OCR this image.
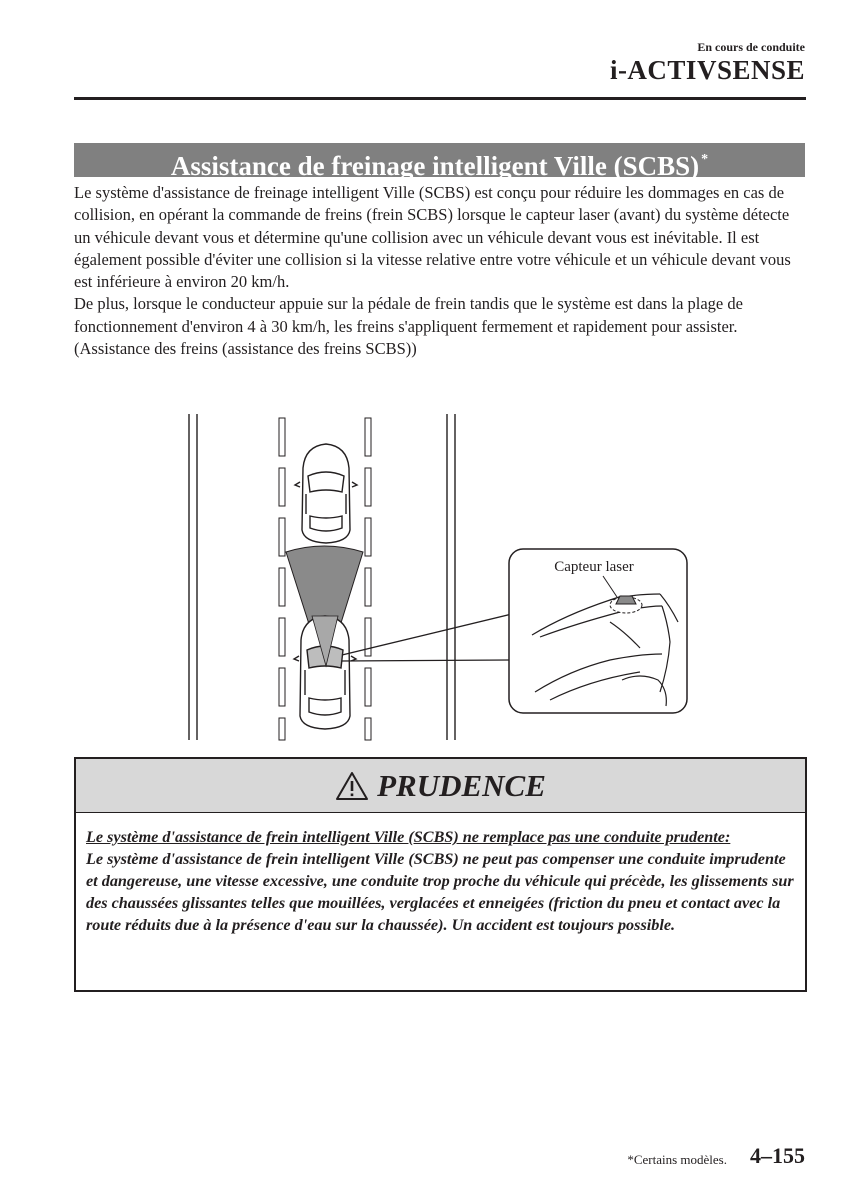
En cours de conduite
i-ACTIVSENSE
Assistance de freinage intelligent Ville (SCBS) *

Le système d'assistance de freinage intelligent Ville (SCBS) est conçu pour réduire les dommages en cas de collision, en opérant la commande de freins (frein SCBS) lorsque le capteur laser (avant) du système détecte un véhicule devant vous et détermine qu'une collision avec un véhicule devant vous est inévitable. Il est également possible d'éviter une collision si la vitesse relative entre votre véhicule et un véhicule devant vous est inférieure à environ 20 km/h.

De plus, lorsque le conducteur appuie sur la pédale de frein tandis que le système est dans la plage de fonctionnement d'environ 4 à 30 km/h, les freins s'appliquent fermement et rapidement pour assister. (Assistance des freins (assistance des freins SCBS))

Capteur laser
PRUDENCE
Le système d'assistance de frein intelligent Ville (SCBS) ne remplace pas une conduite prudente:
Le système d'assistance de frein intelligent Ville (SCBS) ne peut pas compenser une conduite imprudente et dangereuse, une vitesse excessive, une conduite trop proche du véhicule qui précède, les glissements sur des chaussées glissantes telles que mouillées, verglacées et enneigées (friction du pneu et contact avec la route réduits due à la présence d'eau sur la chaussée). Un accident est toujours possible.
*Certains modèles. 4–155
